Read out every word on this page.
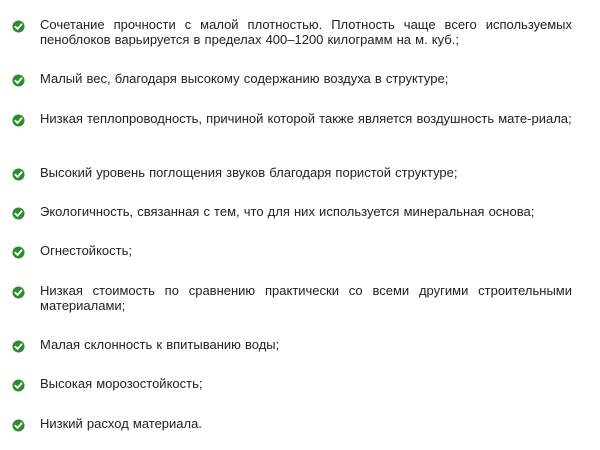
Сочетание прочности с малой плотностью. Плотность чаще всего используемых пеноблоков варьируется в пределах 400–1200 килограмм на м. куб.;
Малый вес, благодаря высокому содержанию воздуха в структуре;
Низкая теплопроводность, причиной которой также является воздушность мате-риала;
Высокий уровень поглощения звуков благодаря пористой структуре;
Экологичность, связанная с тем, что для них используется минеральная основа;
Огнестойкость;
Низкая стоимость по сравнению практически со всеми другими строительными материалами;
Малая склонность к впитыванию воды;
Высокая морозостойкость;
Низкий расход материала.
